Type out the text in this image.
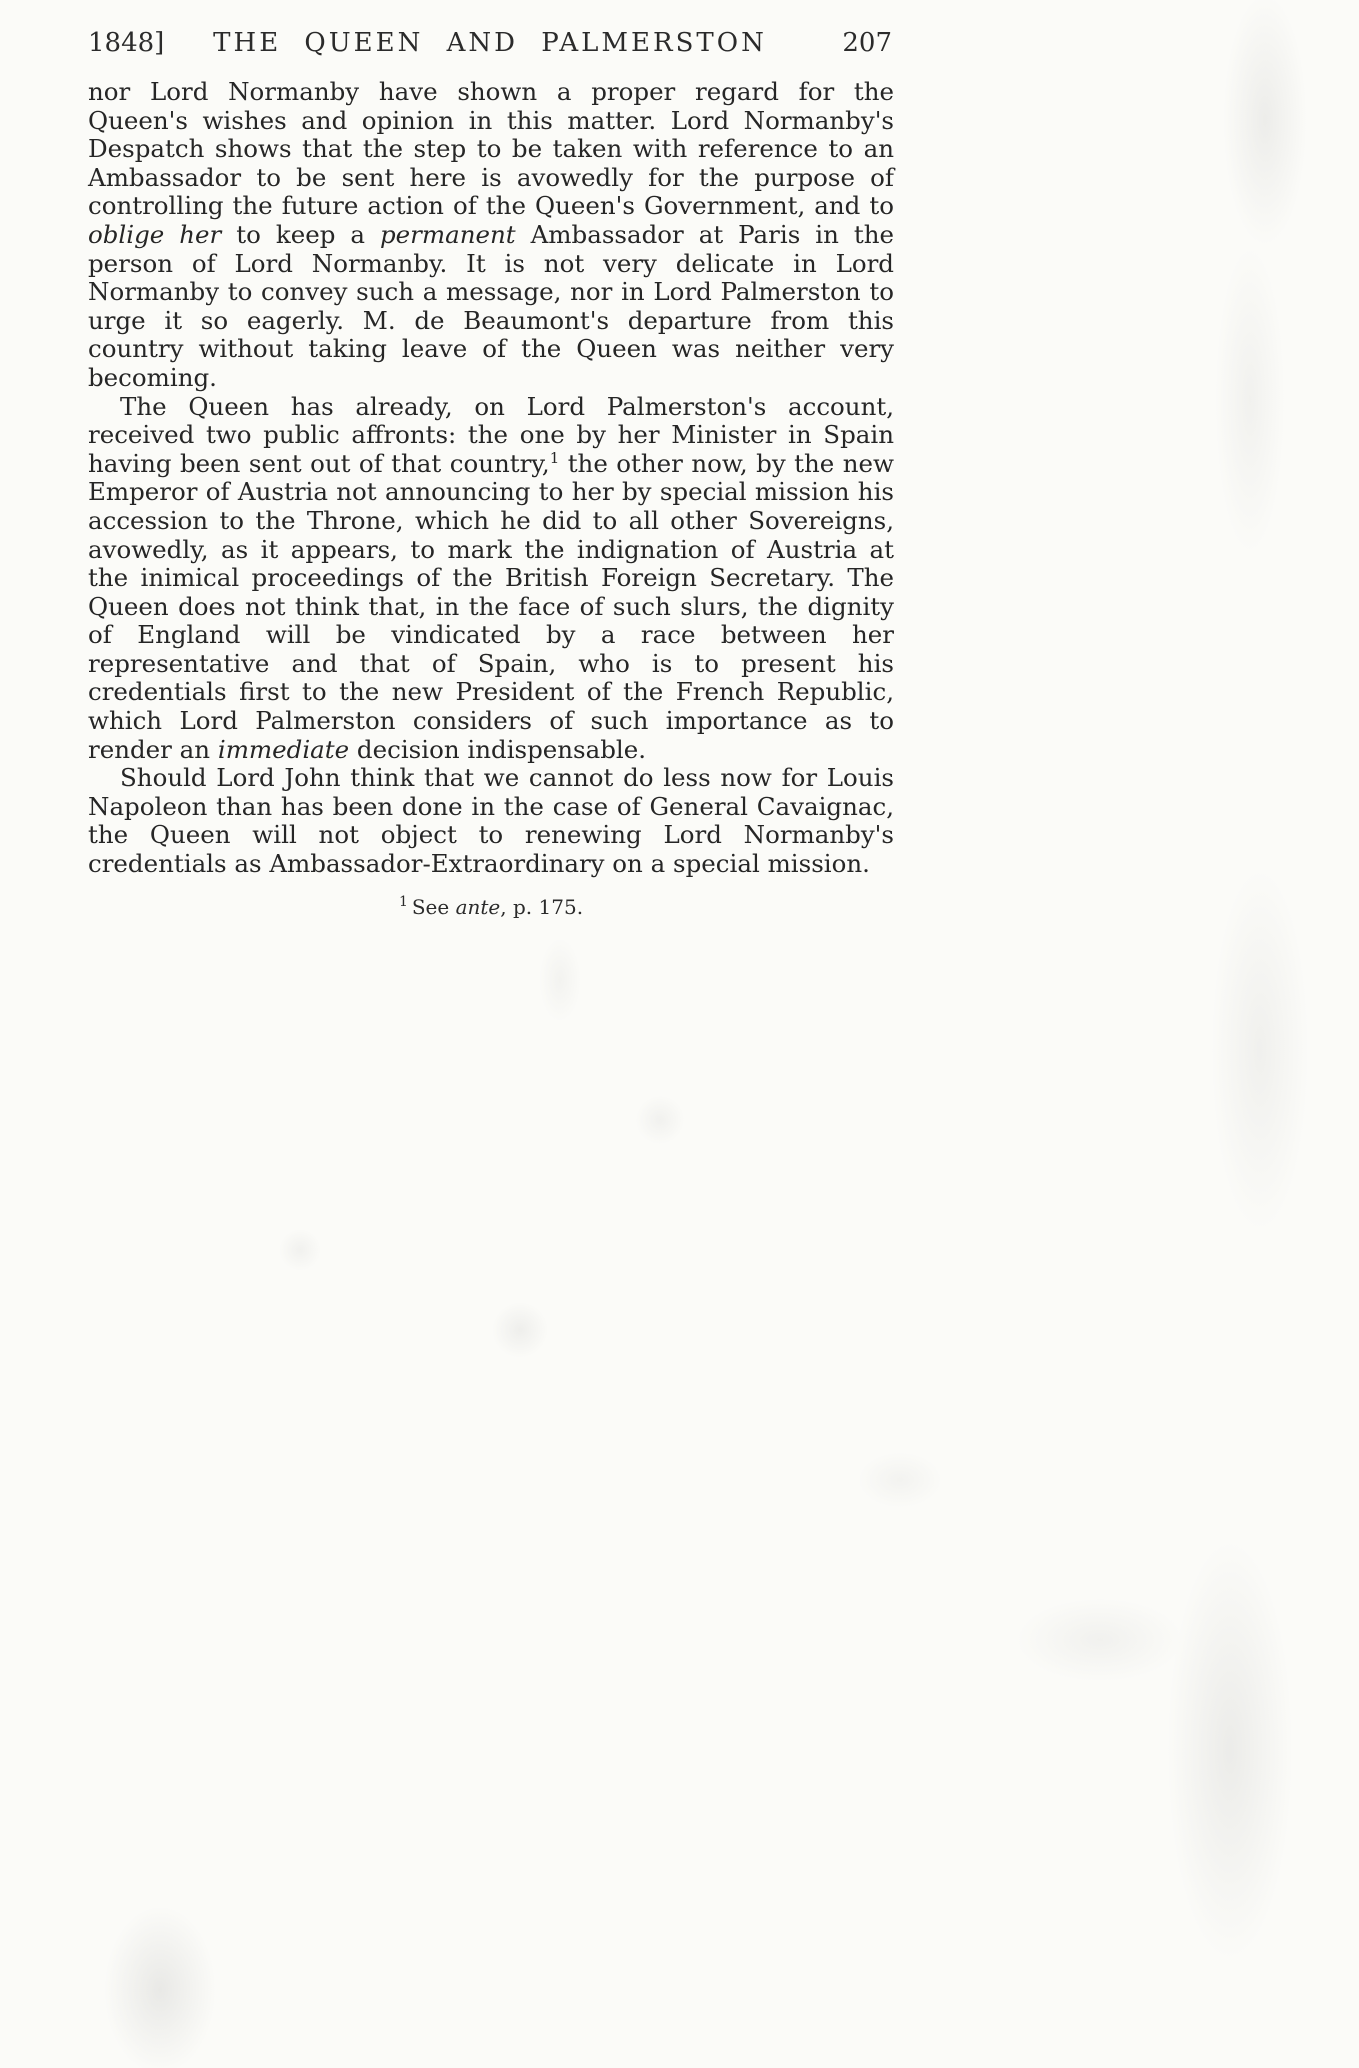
1848] THE QUEEN AND PALMERSTON	207

nor Lord Normanby have shown a proper regard for the Queen's wishes and opinion in this matter. Lord Normanby's Despatch shows that the step to be taken with reference to an Ambassador to be sent here is avowedly for the purpose of controlling the future action of the Queen's Government, and to oblige her to keep a permanent Ambassador at Paris in the person of Lord Normanby. It is not very delicate in Lord Normanby to convey such a message, nor in Lord Palmerston to urge it so eagerly. M. de Beaumont's departure from this country without taking leave of the Queen was neither very becoming.

The Queen has already, on Lord Palmerston's account, received two public affronts: the one by her Minister in Spain having been sent out of that country,$^1$ the other now, by the new Emperor of Austria not announcing to her by special mission his accession to the Throne, which he did to all other Sovereigns, avowedly, as it appears, to mark the indignation of Austria at the inimical proceedings of the British Foreign Secretary. The Queen does not think that, in the face of such slurs, the dignity of England will be vindicated by a race between her representative and that of Spain, who is to present his credentials first to the new President of the French Republic, which Lord Palmerston considers of such importance as to render an immediate decision indispensable.

Should Lord John think that we cannot do less now for Louis Napoleon than has been done in the case of General Cavaignac, the Queen will not object to renewing Lord Normanby's credentials as Ambassador-Extraordinary on a special mission.

$^1$ See ante, p. 175.
